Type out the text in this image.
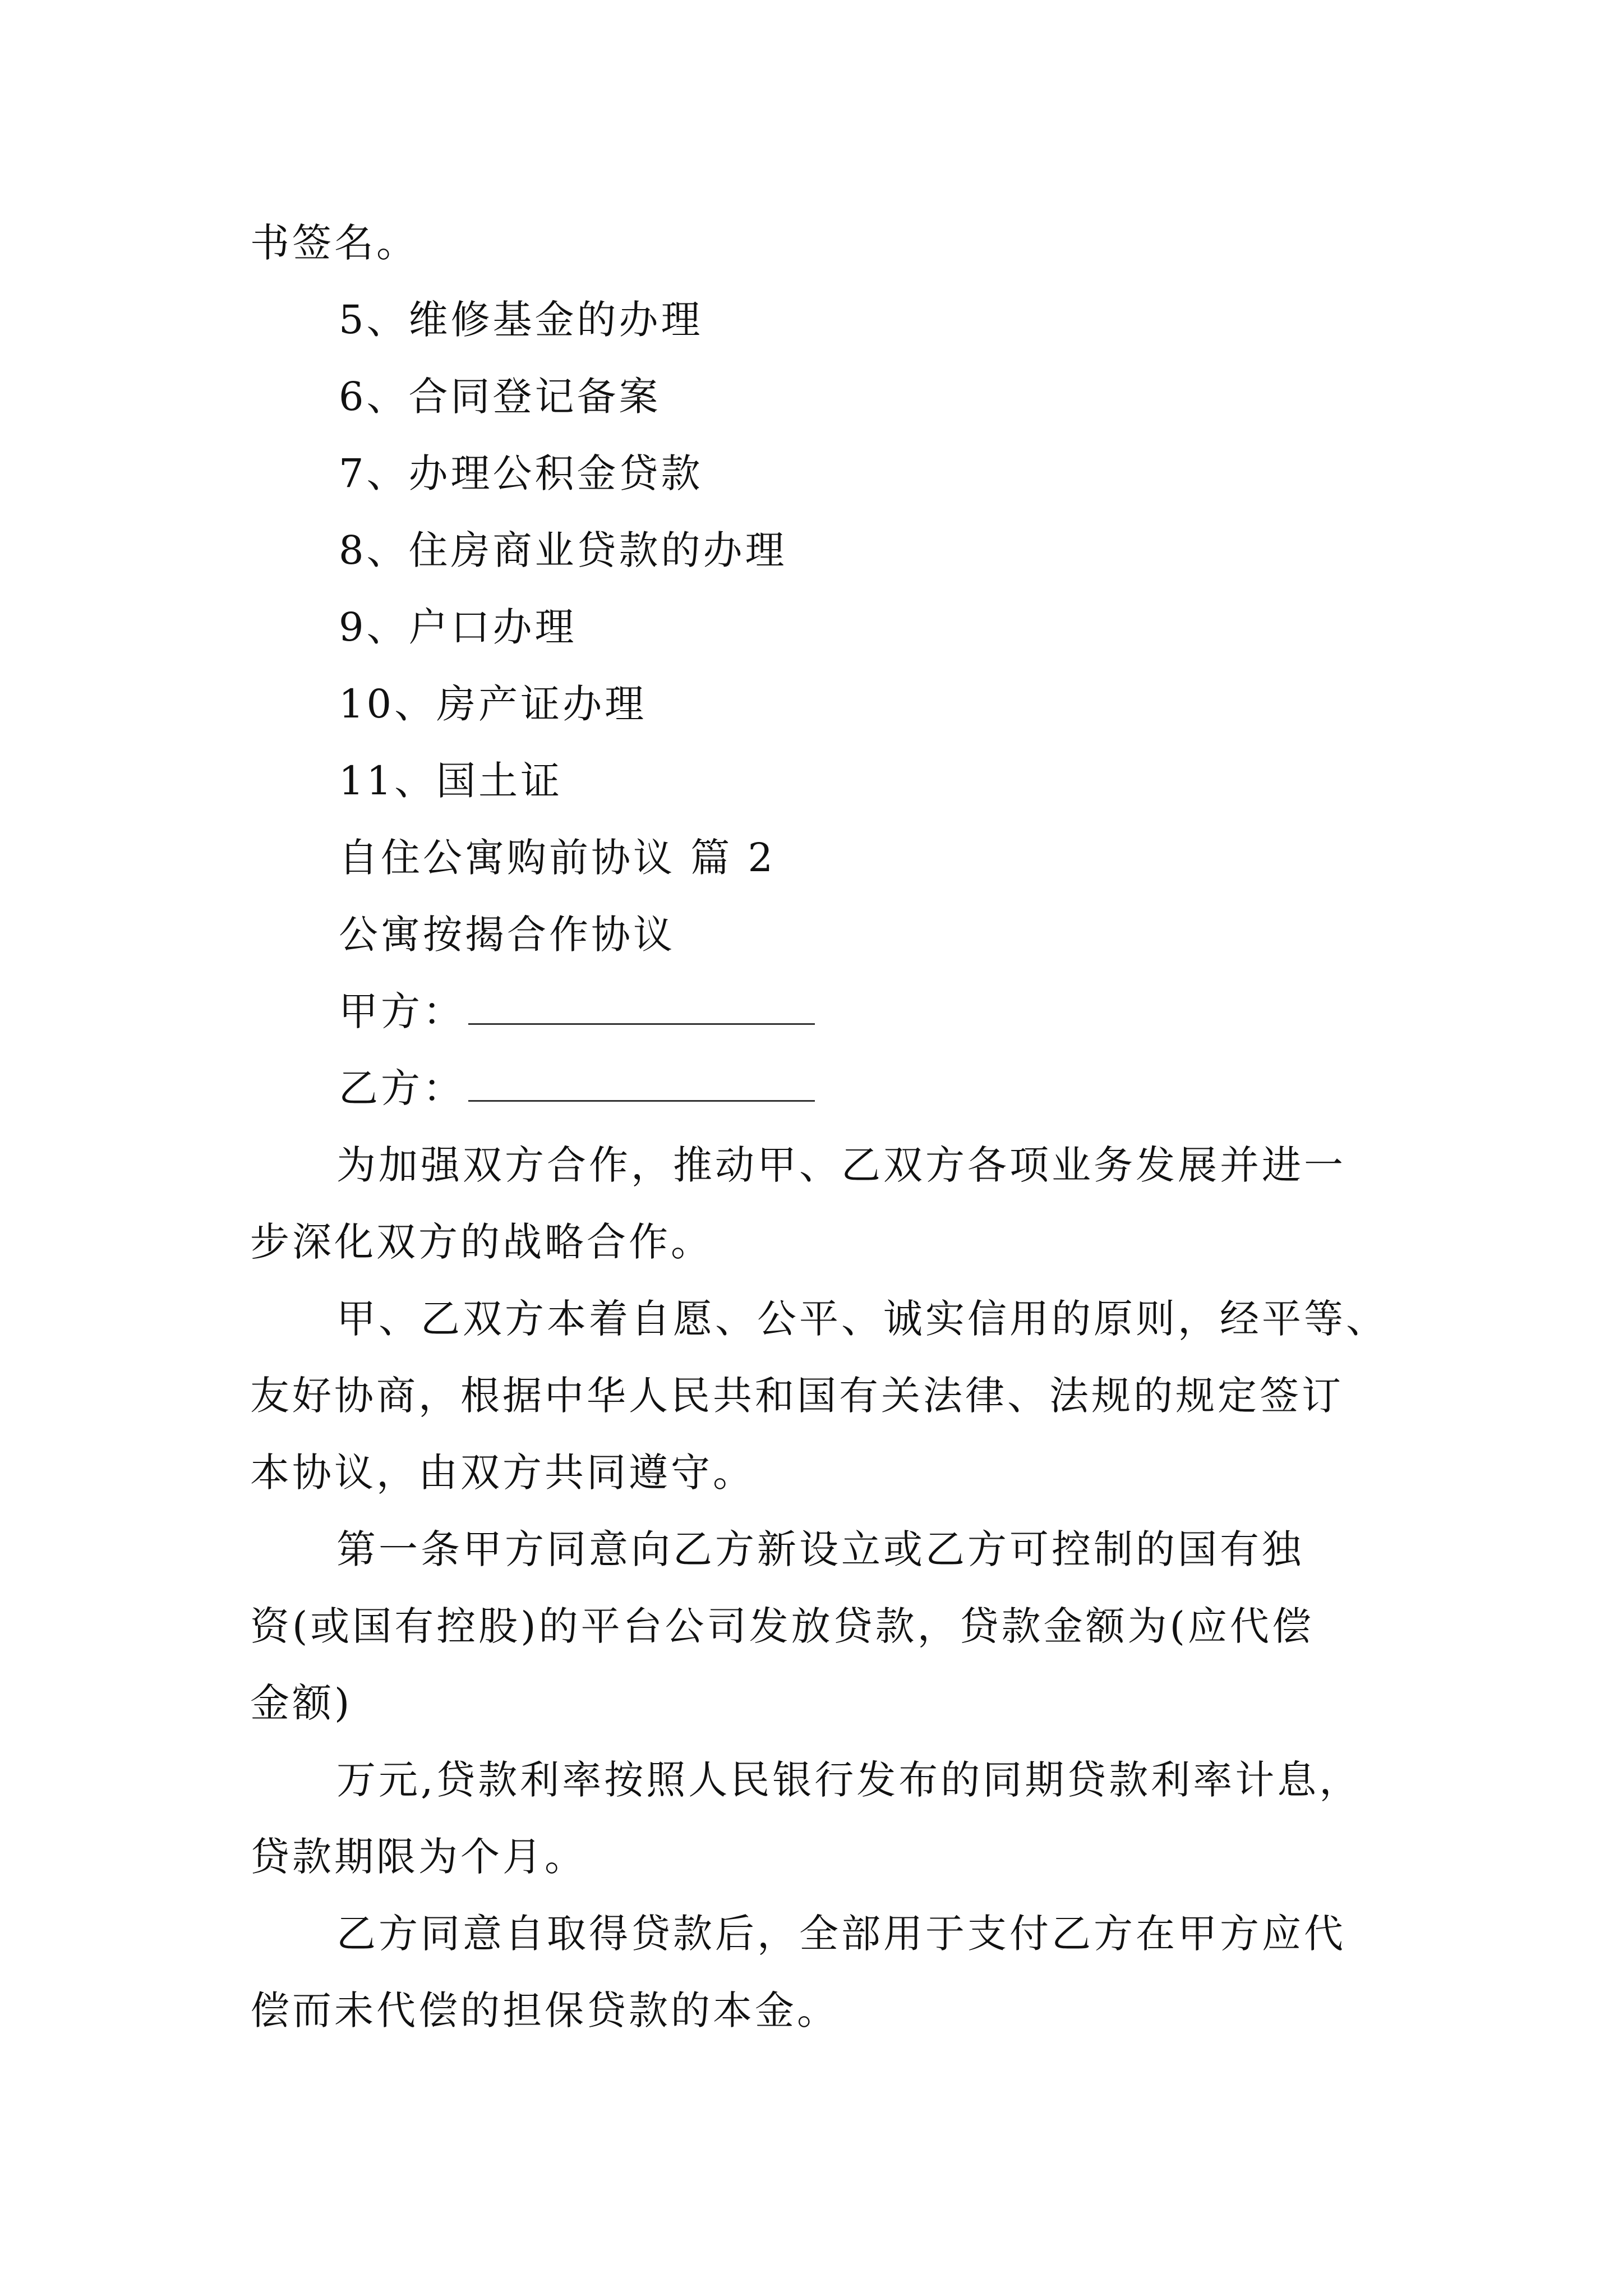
书签名。
5、维修基金的办理
6、合同登记备案
7、办理公积金贷款
8、住房商业贷款的办理
9、户口办理
10、房产证办理
11、国土证
自住公寓购前协议 篇 2
公寓按揭合作协议
甲方：
乙方：
为加强双方合作，推动甲、乙双方各项业务发展并进一
步深化双方的战略合作。
甲、乙双方本着自愿、公平、诚实信用的原则，经平等、
友好协商，根据中华人民共和国有关法律、法规的规定签订
本协议，由双方共同遵守。
第一条甲方同意向乙方新设立或乙方可控制的国有独
资(或国有控股)的平台公司发放贷款，贷款金额为(应代偿
金额)
万元,贷款利率按照人民银行发布的同期贷款利率计息，
贷款期限为个月。
乙方同意自取得贷款后，全部用于支付乙方在甲方应代
偿而未代偿的担保贷款的本金。
